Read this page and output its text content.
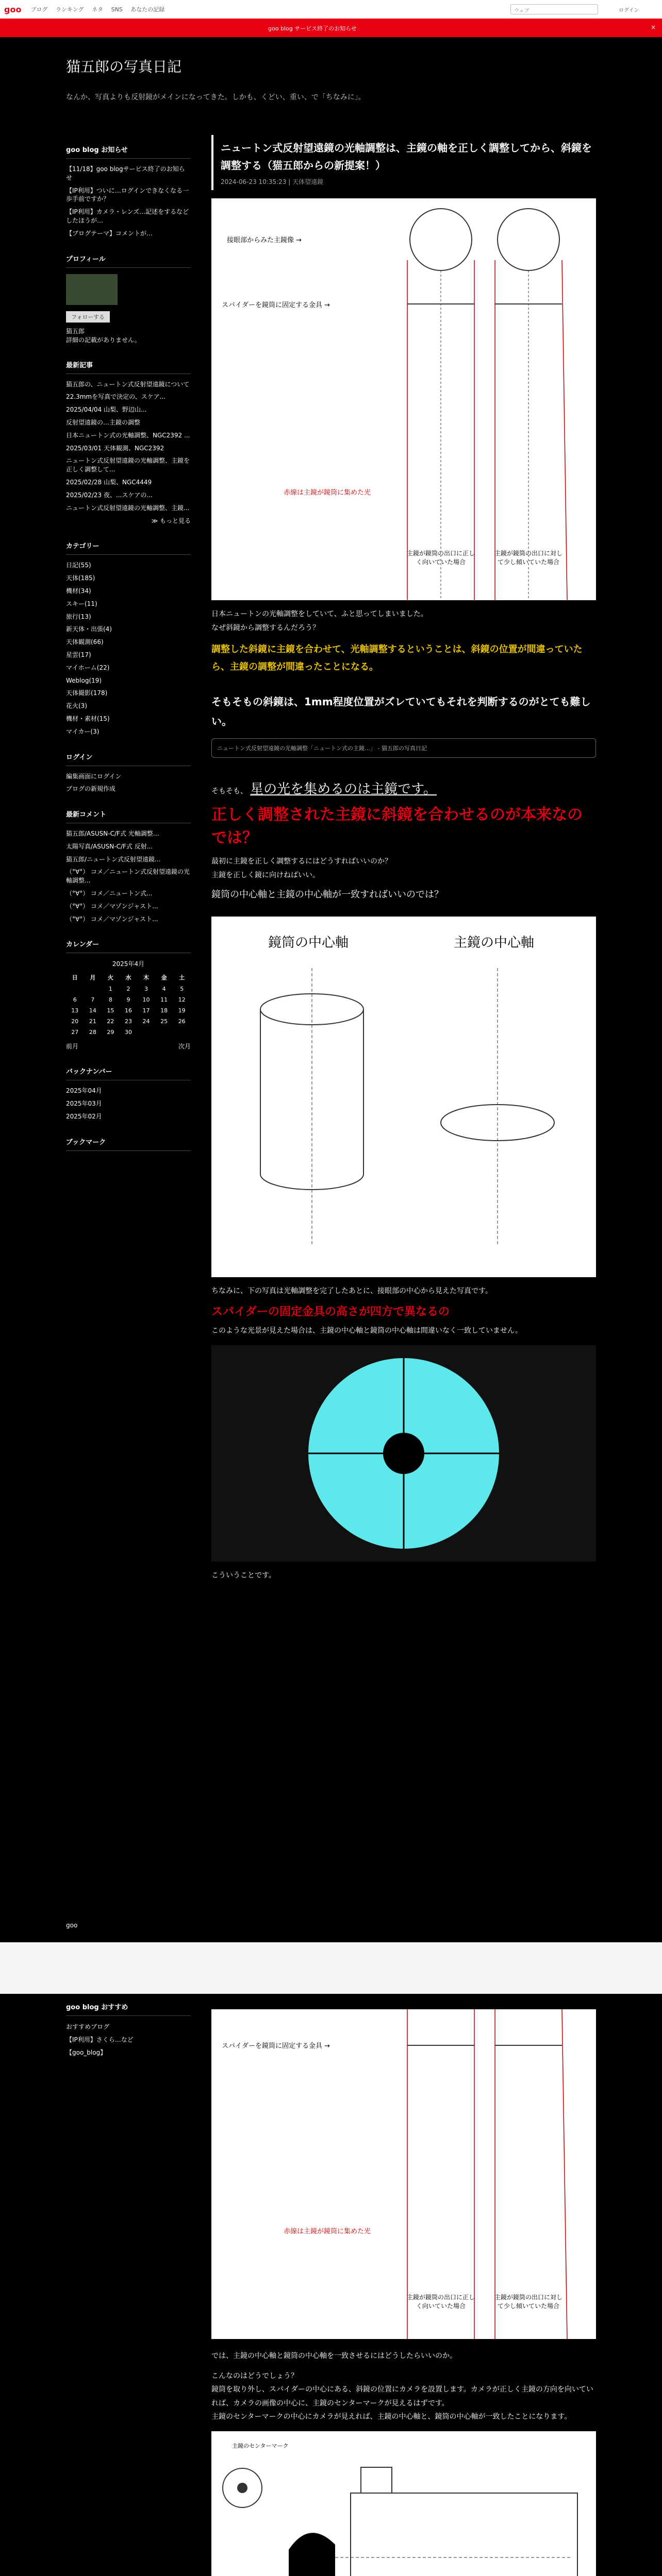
goo ブログ ランキング ネタ SNS あなたの記録	ウェブ	ログイン
goo blog サービス終了のお知らせ	×
猫五郎の写真日記
なんか、写真よりも反射鏡がメインになってきた。しかも、くどい、重い、で「ちなみに」。
goo blog お知らせ
【11/18】goo blogサービス終了のお知らせ
【IP利用】ついに…ログインできなくなる一歩手前ですか？
【IP利用】カメラ・レンズ…記述をするなどしたほうが…
【ブログテーマ】コメントが…
プロフィール
フォローする
猫五郎
詳細の記載がありません。
最新記事
猫五郎の、ニュートン式反射望遠鏡について
22.3mmを写真で決定の、スケア...
2025/04/04 山梨、野辺山...
反射望遠鏡の…主鏡の調整
日本ニュートン式の光軸調整、NGC2392 ...
2025/03/01 天体観測、NGC2392
ニュートン式反射望遠鏡の光軸調整、主鏡を正しく調整して...
2025/02/28 山梨、NGC4449
2025/02/23 夜、...スケアの...
ニュートン式反射望遠鏡の光軸調整、主鏡...
≫ もっと見る
カテゴリー
日記(55)
天体(185)
機材(34)
スキー(11)
旅行(13)
新天体・出張(4)
天体観測(66)
星雲(17)
マイホーム(22)
Weblog(19)
天体撮影(178)
花火(3)
機材・素材(15)
マイカー(3)
ログイン
編集画面にログイン
ブログの新規作成
最新コメント
猫五郎/ASUSN-C/F式 光軸調整…
太陽写真/ASUSN-C/F式 反射...
猫五郎/ニュートン式反射望遠鏡...
（°∀°） コメ／ニュートン式反射望遠鏡の光軸調整...
（°∀°） コメ／ニュートン式...
（°∀°） コメ／マゾンジャスト...
（°∀°） コメ／マゾンジャスト...
カレンダー
2025年4月
日	月	火	水	木	金	土
		1	2	3	4	5
6	7	8	9	10	11	12
13	14	15	16	17	18	19
20	21	22	23	24	25	26
27	28	29	30			
前月	次月
バックナンバー
2025年04月
2025年03月
2025年02月
ブックマーク
ニュートン式反射望遠鏡の光軸調整は、主鏡の軸を正しく調整してから、斜鏡を調整する（猫五郎からの新提案！）
2024-06-23 10:35:23 | 天体望遠鏡
接眼部からみた主鏡像 →
スパイダーを鏡筒に固定する金具 →
赤線は主鏡が鏡筒に集めた光
主鏡が鏡筒の出口に正しく向いていた場合
主鏡が鏡筒の出口に対して少し傾いていた場合
日本ニュートンの光軸調整をしていて、ふと思ってしまいました。
なぜ斜鏡から調整するんだろう？
調整した斜鏡に主鏡を合わせて、光軸調整するということは、斜鏡の位置が間違っていたら、主鏡の調整が間違ったことになる。
そもそもの斜鏡は、1mm程度位置がズレていてもそれを判断するのがとても難しい。
ニュートン式反射望遠鏡の光軸調整「ニュートン式の主鏡…」 - 猫五郎の写真日記
そもそも、 星の光を集めるのは主鏡です。
正しく調整された主鏡に斜鏡を合わせるのが本来なのでは？
最初に主鏡を正しく調整するにはどうすればいいのか？
主鏡を正しく鏡に向けねばいい。
鏡筒の中心軸と主鏡の中心軸が一致すればいいのでは？
鏡筒の中心軸	主鏡の中心軸
ちなみに、下の写真は光軸調整を完了したあとに、接眼部の中心から見えた写真です。
スパイダーの固定金具の高さが四方で異なるの
このような光景が見えた場合は、主鏡の中心軸と鏡筒の中心軸は間違いなく一致していません。
こういうことです。
goo
goo blog おすすめ
おすすめブログ
【IP利用】さくら…など
【goo_blog】
スパイダーを鏡筒に固定する金具 →
赤線は主鏡が鏡筒に集めた光
主鏡が鏡筒の出口に正しく向いていた場合
主鏡が鏡筒の出口に対して少し傾いていた場合
では、主鏡の中心軸と鏡筒の中心軸を一致させるにはどうしたらいいのか。
こんなのはどうでしょう？
鏡筒を取り外し、スパイダーの中心にある、斜鏡の位置にカメラを設置します。カメラが正しく主鏡の方向を向いていれば、カメラの画像の中心に、主鏡のセンターマークが見えるはずです。
主鏡のセンターマークの中心にカメラが見えれば、主鏡の中心軸と、鏡筒の中心軸が一致したことになります。
主鏡のセンターマーク
